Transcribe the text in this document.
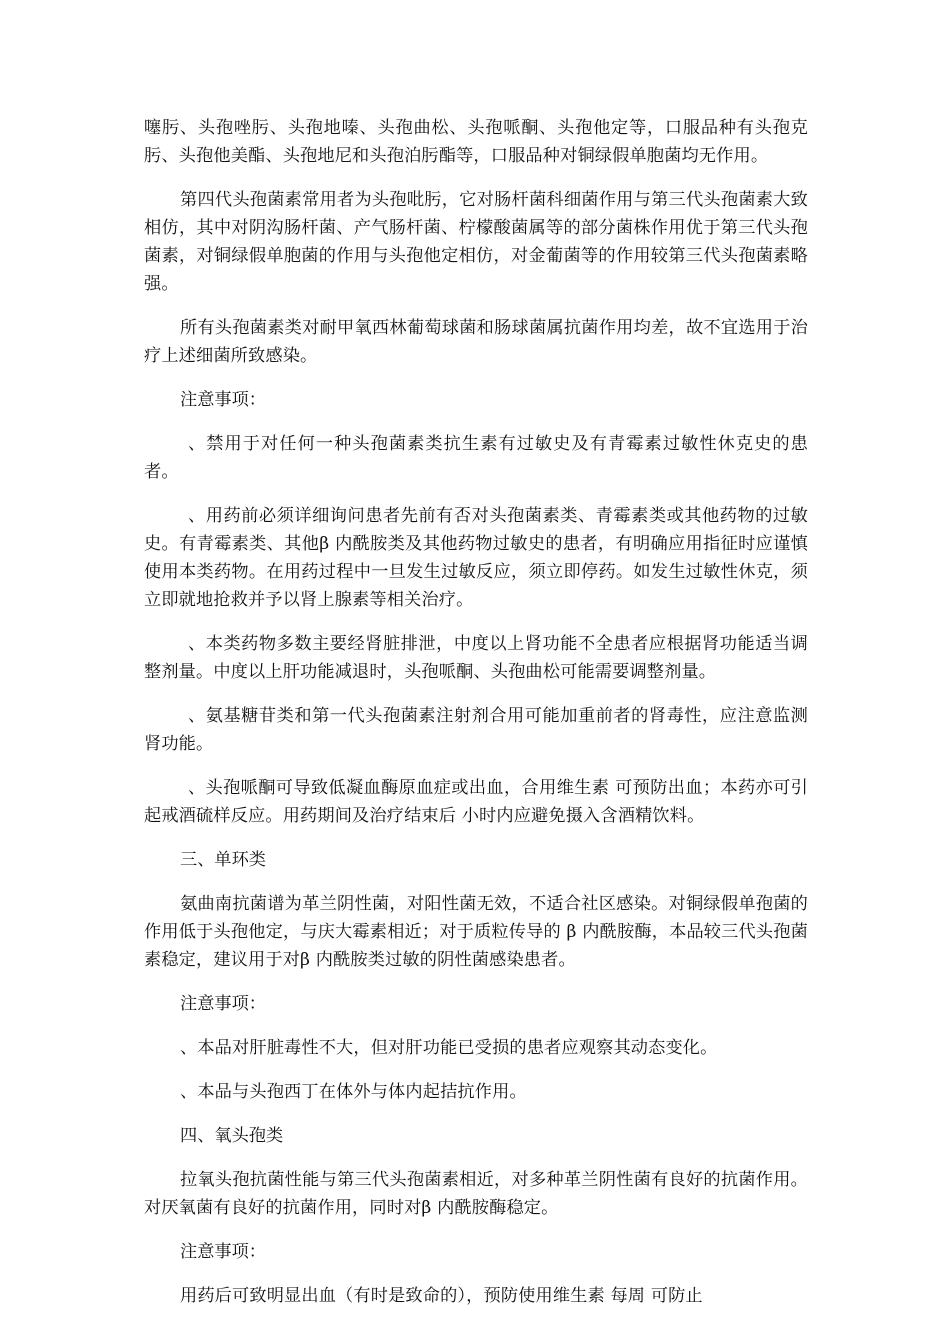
噻肟、头孢唑肟、头孢地嗪、头孢曲松、头孢哌酮、头孢他定等，口服品种有头孢克肟、头孢他美酯、头孢地尼和头孢泊肟酯等，口服品种对铜绿假单胞菌均无作用。

第四代头孢菌素常用者为头孢吡肟，它对肠杆菌科细菌作用与第三代头孢菌素大致相仿，其中对阴沟肠杆菌、产气肠杆菌、柠檬酸菌属等的部分菌株作用优于第三代头孢菌素，对铜绿假单胞菌的作用与头孢他定相仿，对金葡菌等的作用较第三代头孢菌素略强。

所有头孢菌素类对耐甲氧西林葡萄球菌和肠球菌属抗菌作用均差，故不宜选用于治疗上述细菌所致感染。

注意事项：

、禁用于对任何一种头孢菌素类抗生素有过敏史及有青霉素过敏性休克史的患者。

、用药前必须详细询问患者先前有否对头孢菌素类、青霉素类或其他药物的过敏史。有青霉素类、其他β 内酰胺类及其他药物过敏史的患者，有明确应用指征时应谨慎使用本类药物。在用药过程中一旦发生过敏反应，须立即停药。如发生过敏性休克，须立即就地抢救并予以肾上腺素等相关治疗。

、本类药物多数主要经肾脏排泄，中度以上肾功能不全患者应根据肾功能适当调整剂量。中度以上肝功能减退时，头孢哌酮、头孢曲松可能需要调整剂量。

、氨基糖苷类和第一代头孢菌素注射剂合用可能加重前者的肾毒性，应注意监测肾功能。

、头孢哌酮可导致低凝血酶原血症或出血，合用维生素 可预防出血；本药亦可引起戒酒硫样反应。用药期间及治疗结束后 小时内应避免摄入含酒精饮料。

三、单环类

氨曲南抗菌谱为革兰阴性菌，对阳性菌无效，不适合社区感染。对铜绿假单孢菌的作用低于头孢他定，与庆大霉素相近；对于质粒传导的 β 内酰胺酶，本品较三代头孢菌素稳定，建议用于对β 内酰胺类过敏的阴性菌感染患者。

注意事项：

、本品对肝脏毒性不大，但对肝功能已受损的患者应观察其动态变化。

、本品与头孢西丁在体外与体内起拮抗作用。

四、氧头孢类

拉氧头孢抗菌性能与第三代头孢菌素相近，对多种革兰阴性菌有良好的抗菌作用。对厌氧菌有良好的抗菌作用，同时对β 内酰胺酶稳定。

注意事项：

用药后可致明显出血（有时是致命的），预防使用维生素 每周 可防止
